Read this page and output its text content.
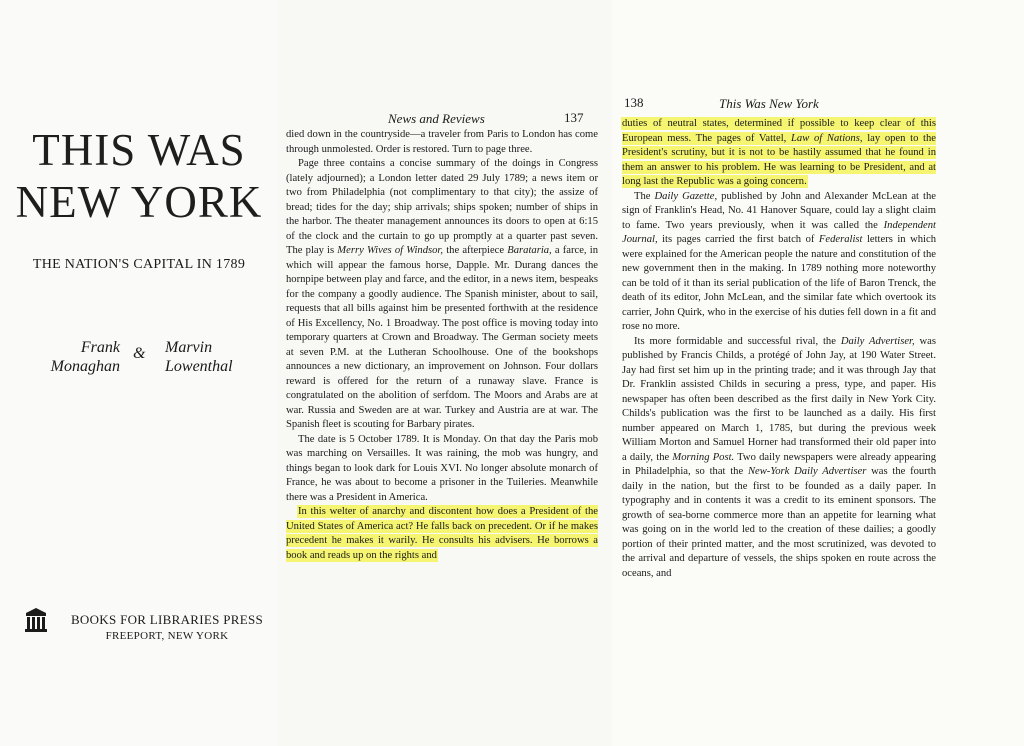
THIS WAS
NEW YORK
THE NATION'S CAPITAL IN 1789
Frank
Monaghan
& Marvin
Lowenthal
BOOKS FOR LIBRARIES PRESS
FREEPORT, NEW YORK
News and Reviews	137

died down in the countryside—a traveler from Paris to London has come through unmolested. Order is restored. Turn to page three.

Page three contains a concise summary of the doings in Congress (lately adjourned); a London letter dated 29 July 1789; a news item or two from Philadelphia (not complimentary to that city); the assize of bread; tides for the day; ship arrivals; ships spoken; number of ships in the harbor. The theater management announces its doors to open at 6:15 of the clock and the curtain to go up promptly at a quarter past seven. The play is Merry Wives of Windsor, the afterpiece Barataria, a farce, in which will appear the famous horse, Dapple. Mr. Durang dances the hornpipe between play and farce, and the editor, in a news item, bespeaks for the company a goodly audience. The Spanish minister, about to sail, requests that all bills against him be presented forthwith at the residence of His Excellency, No. 1 Broadway. The post office is moving today into temporary quarters at Crown and Broadway. The German society meets at seven P.M. at the Lutheran Schoolhouse. One of the bookshops announces a new dictionary, an improvement on Johnson. Four dollars reward is offered for the return of a runaway slave. France is congratulated on the abolition of serfdom. The Moors and Arabs are at war. Russia and Sweden are at war. Turkey and Austria are at war. The Spanish fleet is scouting for Barbary pirates.

The date is 5 October 1789. It is Monday. On that day the Paris mob was marching on Versailles. It was raining, the mob was hungry, and things began to look dark for Louis XVI. No longer absolute monarch of France, he was about to become a prisoner in the Tuileries. Meanwhile there was a President in America.

In this welter of anarchy and discontent how does a President of the United States of America act? He falls back on precedent. Or if he makes precedent he makes it warily. He consults his advisers. He borrows a book and reads up on the rights and

138	This Was New York

duties of neutral states, determined if possible to keep clear of this European mess. The pages of Vattel, Law of Nations, lay open to the President's scrutiny, but it is not to be hastily assumed that he found in them an answer to his problem. He was learning to be President, and at long last the Republic was a going concern.

The Daily Gazette, published by John and Alexander McLean at the sign of Franklin's Head, No. 41 Hanover Square, could lay a slight claim to fame. Two years previously, when it was called the Independent Journal, its pages carried the first batch of Federalist letters in which were explained for the American people the nature and constitution of the new government then in the making. In 1789 nothing more noteworthy can be told of it than its serial publication of the life of Baron Trenck, the death of its editor, John McLean, and the similar fate which overtook its carrier, John Quirk, who in the exercise of his duties fell down in a fit and rose no more.

Its more formidable and successful rival, the Daily Advertiser, was published by Francis Childs, a protégé of John Jay, at 190 Water Street. Jay had first set him up in the printing trade; and it was through Jay that Dr. Franklin assisted Childs in securing a press, type, and paper. His newspaper has often been described as the first daily in New York City. Childs's publication was the first to be launched as a daily. His first number appeared on March 1, 1785, but during the previous week William Morton and Samuel Horner had transformed their old paper into a daily, the Morning Post. Two daily newspapers were already appearing in Philadelphia, so that the New-York Daily Advertiser was the fourth daily in the nation, but the first to be founded as a daily paper. In typography and in contents it was a credit to its eminent sponsors. The growth of sea-borne commerce more than an appetite for learning what was going on in the world led to the creation of these dailies; a goodly portion of their printed matter, and the most scrutinized, was devoted to the arrival and departure of vessels, the ships spoken en route across the oceans, and
